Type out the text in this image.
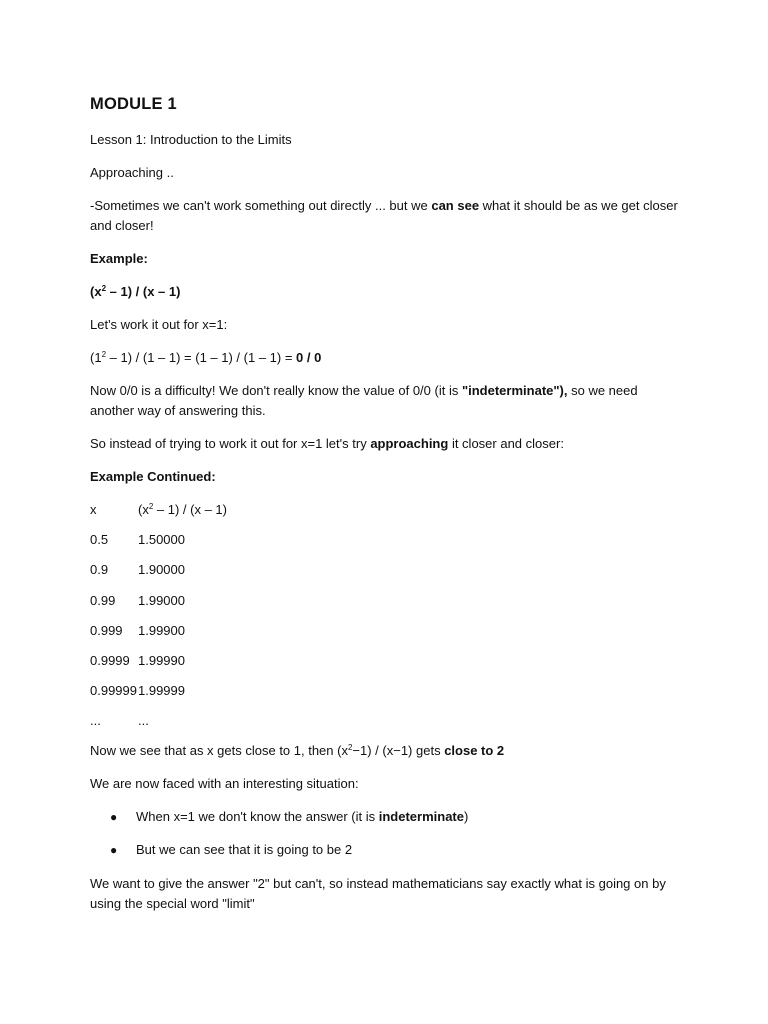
MODULE 1
Lesson 1: Introduction to the Limits
Approaching ..
-Sometimes we can't work something out directly ... but we can see what it should be as we get closer
and closer!
Example:
$(x^2 - 1) / (x - 1)$
Let's work it out for x=1:
$(1^2 - 1) / (1 - 1) = (1 - 1) / (1 - 1) = 0 / 0$
Now 0/0 is a difficulty! We don't really know the value of 0/0 (it is "indeterminate"), so we need
another way of answering this.
So instead of trying to work it out for x=1 let's try approaching it closer and closer:
Example Continued:
x	$(x^2 - 1) / (x - 1)$
0.5 1.50000
0.9 1.90000
0.99 1.99000
0.999 1.99900
0.9999 1.99990
0.99999 1.99999
...	...
Now we see that as x gets close to 1, then $(x^2-1) / (x-1)$ gets close to 2
We are now faced with an interesting situation:
● When x=1 we don't know the answer (it is indeterminate)
● But we can see that it is going to be 2
We want to give the answer "2" but can't, so instead mathematicians say exactly what is going on by
using the special word "limit"
